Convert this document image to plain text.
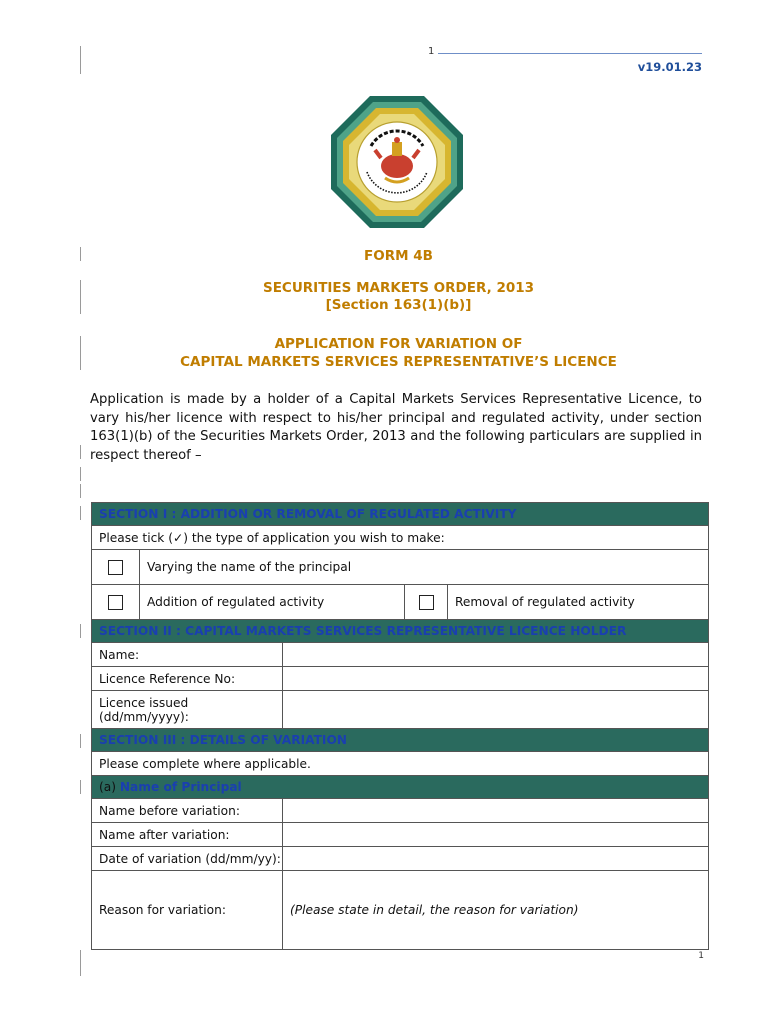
1
v19.01.23
FORM 4B
SECURITIES MARKETS ORDER, 2013
[Section 163(1)(b)]
APPLICATION FOR VARIATION OF
CAPITAL MARKETS SERVICES REPRESENTATIVE’S LICENCE
Application is made by a holder of a Capital Markets Services Representative Licence, to vary his/her licence with respect to his/her principal and regulated activity, under section 163(1)(b) of the Securities Markets Order, 2013 and the following particulars are supplied in respect thereof –
SECTION I : ADDITION OR REMOVAL OF REGULATED ACTIVITY				
Please tick (✓) the type of application you wish to make:				
	Varying the name of the principal			
	Addition of regulated activity			Removal of regulated activity
SECTION II : CAPITAL MARKETS SERVICES REPRESENTATIVE LICENCE HOLDER				
Name:				
Licence Reference No:				

Licence issued
(dd/mm/yyyy):				

SECTION III : DETAILS OF VARIATION				
Please complete where applicable.				
(a) Name of Principal				
Name before variation:				
Name after variation:				
Date of variation (dd/mm/yy):				
Reason for variation:		(Please state in detail, the reason for variation)		
1
